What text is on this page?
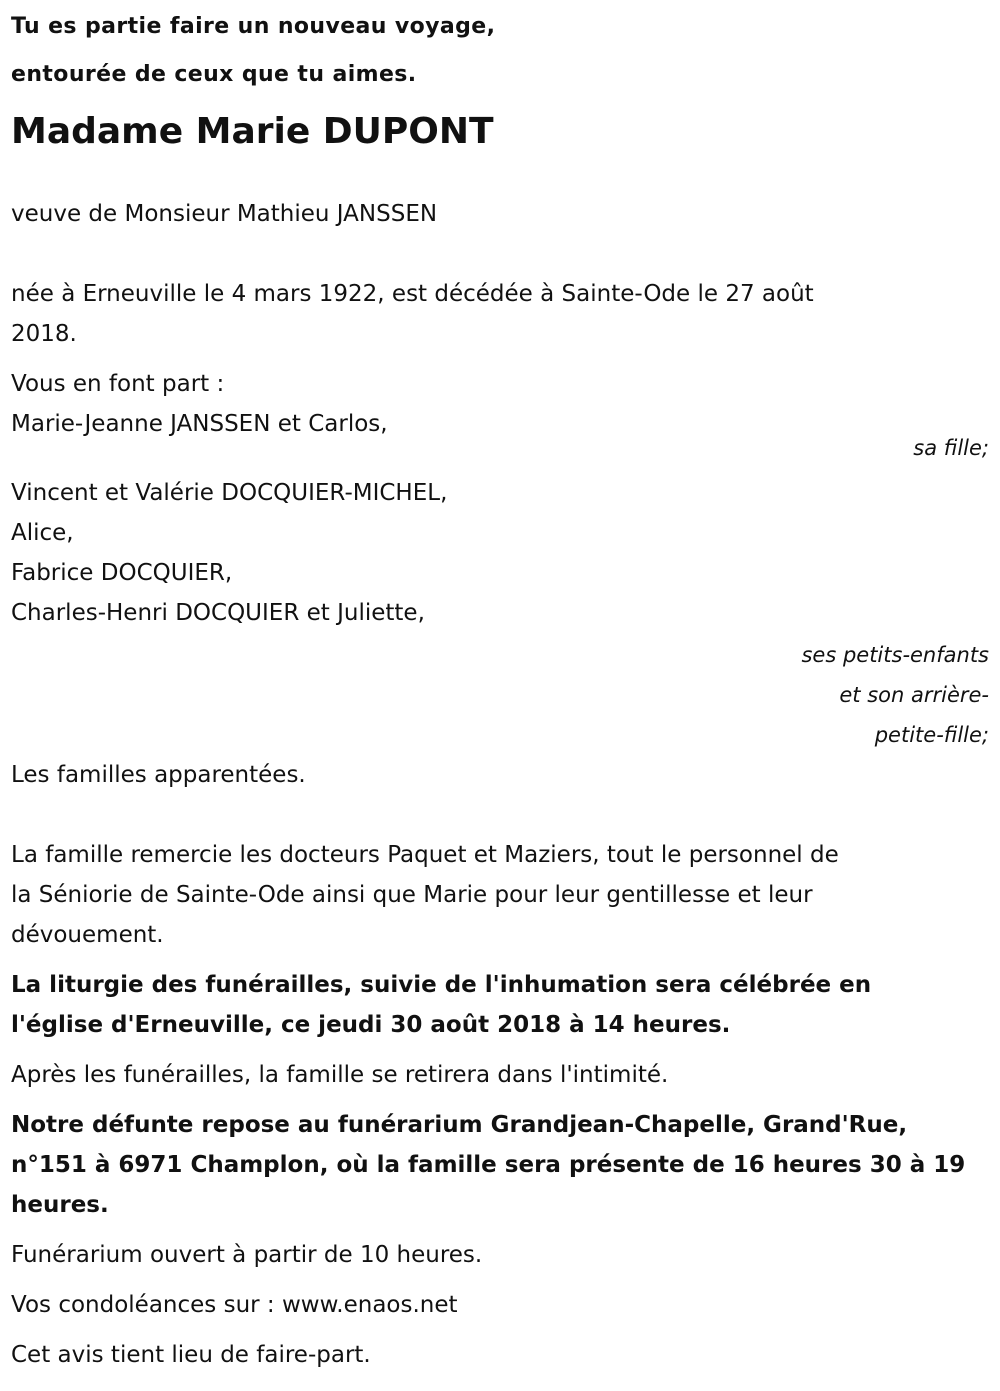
Tu es partie faire un nouveau voyage,

entourée de ceux que tu aimes.

Madame Marie DUPONT

veuve de Monsieur Mathieu JANSSEN

née à Erneuville le 4 mars 1922, est décédée à Sainte-Ode le 27 août

2018.

Vous en font part :

Marie-Jeanne JANSSEN et Carlos,

sa fille;

Vincent et Valérie DOCQUIER-MICHEL,

Alice,

Fabrice DOCQUIER,

Charles-Henri DOCQUIER et Juliette,

ses petits-enfants

et son arrière-

petite-fille;

Les familles apparentées.

La famille remercie les docteurs Paquet et Maziers, tout le personnel de

la Séniorie de Sainte-Ode ainsi que Marie pour leur gentillesse et leur

dévouement.

La liturgie des funérailles, suivie de l'inhumation sera célébrée en

l'église d'Erneuville, ce jeudi 30 août 2018 à 14 heures.

Après les funérailles, la famille se retirera dans l'intimité.

Notre défunte repose au funérarium Grandjean-Chapelle, Grand'Rue,

n°151 à 6971 Champlon, où la famille sera présente de 16 heures 30 à 19

heures.

Funérarium ouvert à partir de 10 heures.

Vos condoléances sur : www.enaos.net

Cet avis tient lieu de faire-part.
